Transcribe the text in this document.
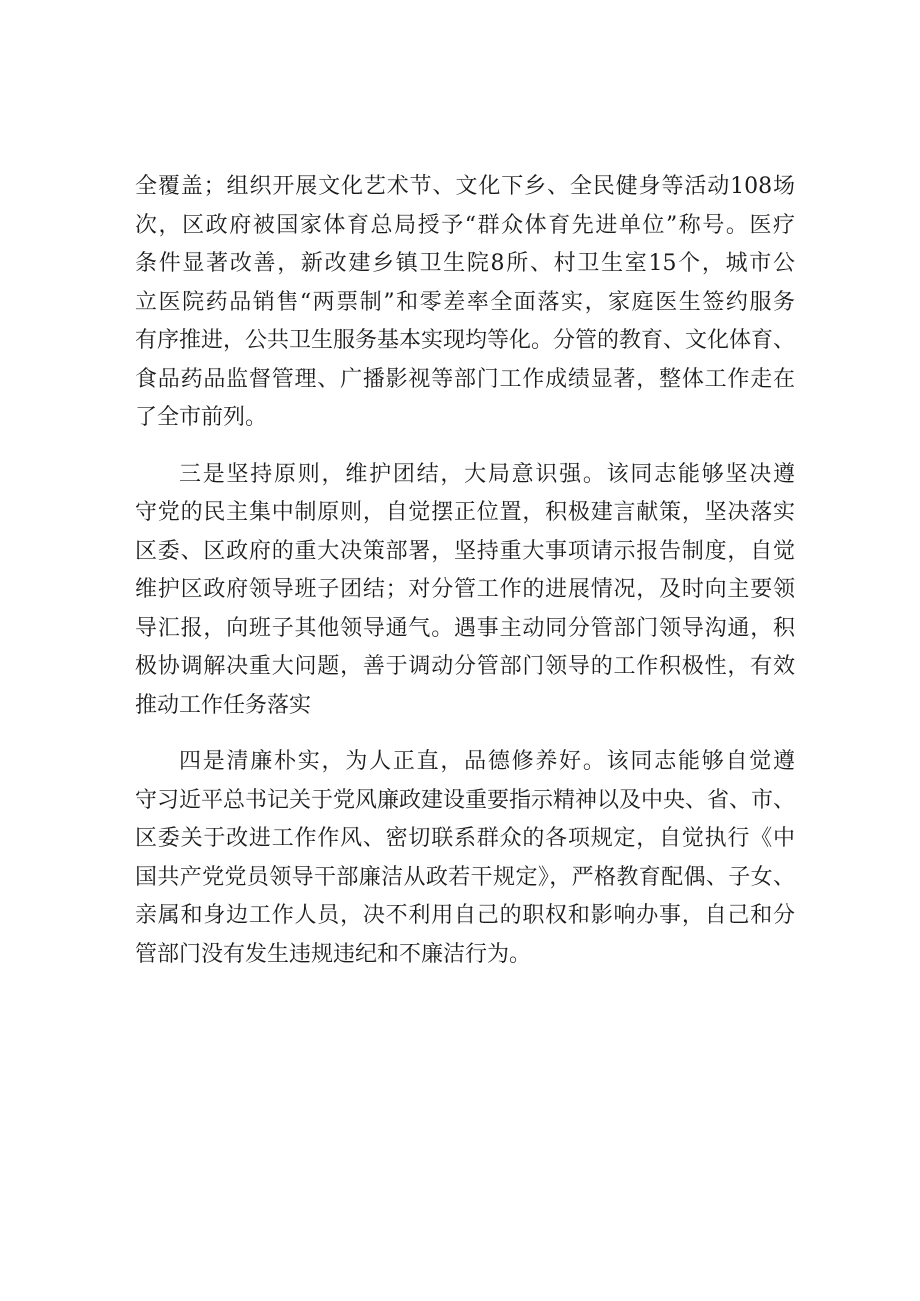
全覆盖；组织开展文化艺术节、文化下乡、全民健身等活动108场
次，区政府被国家体育总局授予“群众体育先进单位”称号。医疗
条件显著改善，新改建乡镇卫生院8所、村卫生室15个，城市公
立医院药品销售“两票制”和零差率全面落实，家庭医生签约服务
有序推进，公共卫生服务基本实现均等化。分管的教育、文化体育、
食品药品监督管理、广播影视等部门工作成绩显著，整体工作走在
了全市前列。
三是坚持原则，维护团结，大局意识强。该同志能够坚决遵
守党的民主集中制原则，自觉摆正位置，积极建言献策，坚决落实
区委、区政府的重大决策部署，坚持重大事项请示报告制度，自觉
维护区政府领导班子团结；对分管工作的进展情况，及时向主要领
导汇报，向班子其他领导通气。遇事主动同分管部门领导沟通，积
极协调解决重大问题，善于调动分管部门领导的工作积极性，有效
推动工作任务落实
四是清廉朴实，为人正直，品德修养好。该同志能够自觉遵
守习近平总书记关于党风廉政建设重要指示精神以及中央、省、市、
区委关于改进工作作风、密切联系群众的各项规定，自觉执行《中
国共产党党员领导干部廉洁从政若干规定》，严格教育配偶、子女、
亲属和身边工作人员，决不利用自己的职权和影响办事，自己和分
管部门没有发生违规违纪和不廉洁行为。
